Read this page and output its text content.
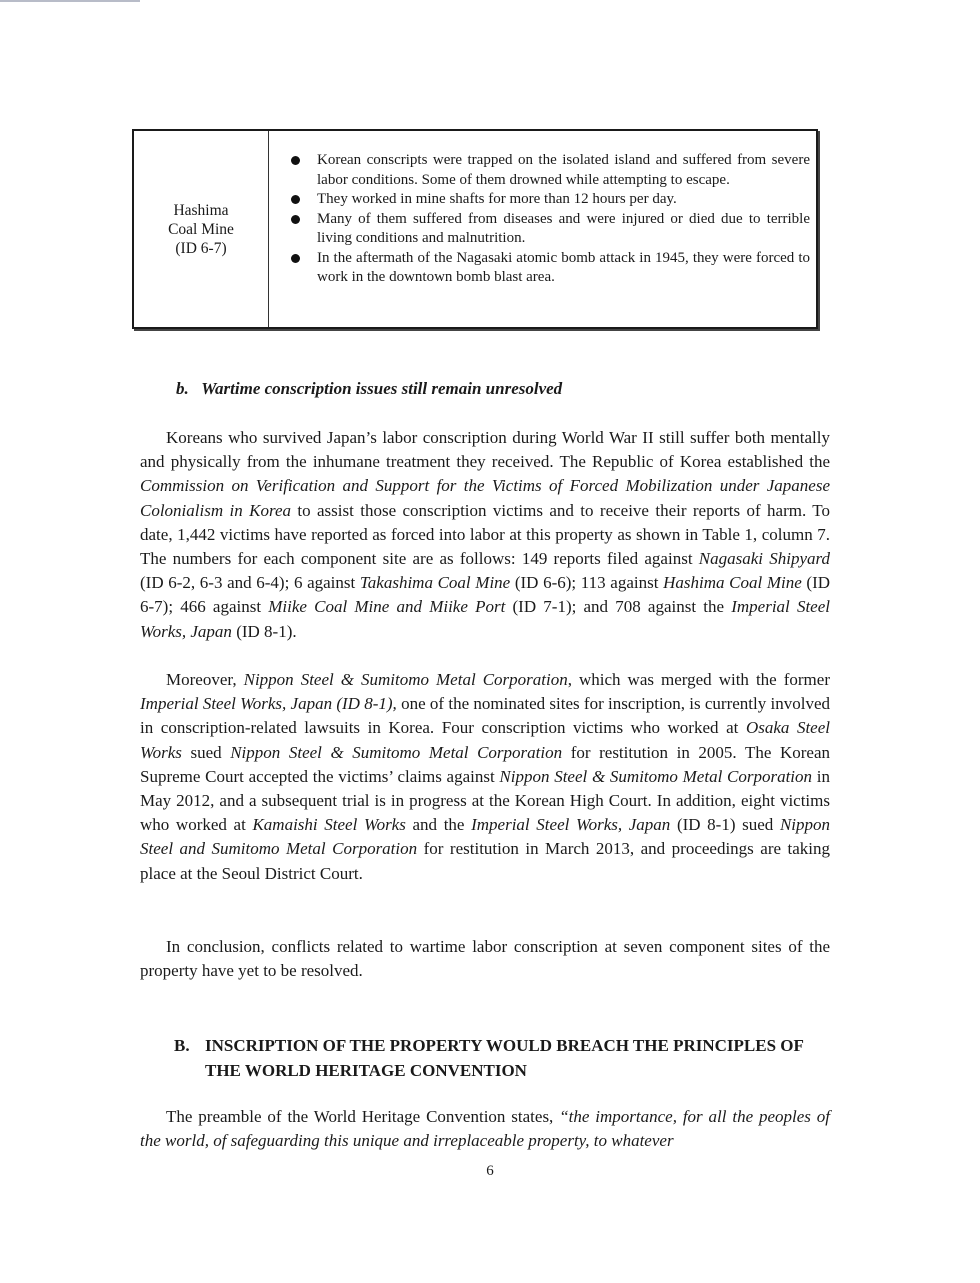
Hashima
Coal Mine
(ID 6-7)
Korean conscripts were trapped on the isolated island and suffered from severe labor conditions. Some of them drowned while attempting to escape.
They worked in mine shafts for more than 12 hours per day.
Many of them suffered from diseases and were injured or died due to terrible living conditions and malnutrition.
In the aftermath of the Nagasaki atomic bomb attack in 1945, they were forced to work in the downtown bomb blast area.
b.   Wartime conscription issues still remain unresolved

Koreans who survived Japan’s labor conscription during World War II still suffer both mentally and physically from the inhumane treatment they received. The Republic of Korea established the Commission on Verification and Support for the Victims of Forced Mobilization under Japanese Colonialism in Korea to assist those conscription victims and to receive their reports of harm. To date, 1,442 victims have reported as forced into labor at this property as shown in Table 1, column 7. The numbers for each component site are as follows: 149 reports filed against Nagasaki Shipyard (ID 6-2, 6-3 and 6-4); 6 against Takashima Coal Mine (ID 6-6); 113 against Hashima Coal Mine (ID 6-7); 466 against Miike Coal Mine and Miike Port (ID 7-1); and 708 against the Imperial Steel Works, Japan (ID 8-1).

Moreover, Nippon Steel & Sumitomo Metal Corporation, which was merged with the former Imperial Steel Works, Japan (ID 8-1), one of the nominated sites for inscription, is currently involved in conscription-related lawsuits in Korea. Four conscription victims who worked at Osaka Steel Works sued Nippon Steel & Sumitomo Metal Corporation for restitution in 2005. The Korean Supreme Court accepted the victims’ claims against Nippon Steel & Sumitomo Metal Corporation in May 2012, and a subsequent trial is in progress at the Korean High Court. In addition, eight victims who worked at Kamaishi Steel Works and the Imperial Steel Works, Japan (ID 8-1) sued Nippon Steel and Sumitomo Metal Corporation for restitution in March 2013, and proceedings are taking place at the Seoul District Court.

In conclusion, conflicts related to wartime labor conscription at seven component sites of the property have yet to be resolved.

B. INSCRIPTION OF THE PROPERTY WOULD BREACH THE PRINCIPLES OF THE WORLD HERITAGE CONVENTION

The preamble of the World Heritage Convention states, “the importance, for all the peoples of the world, of safeguarding this unique and irreplaceable property, to whatever

6
